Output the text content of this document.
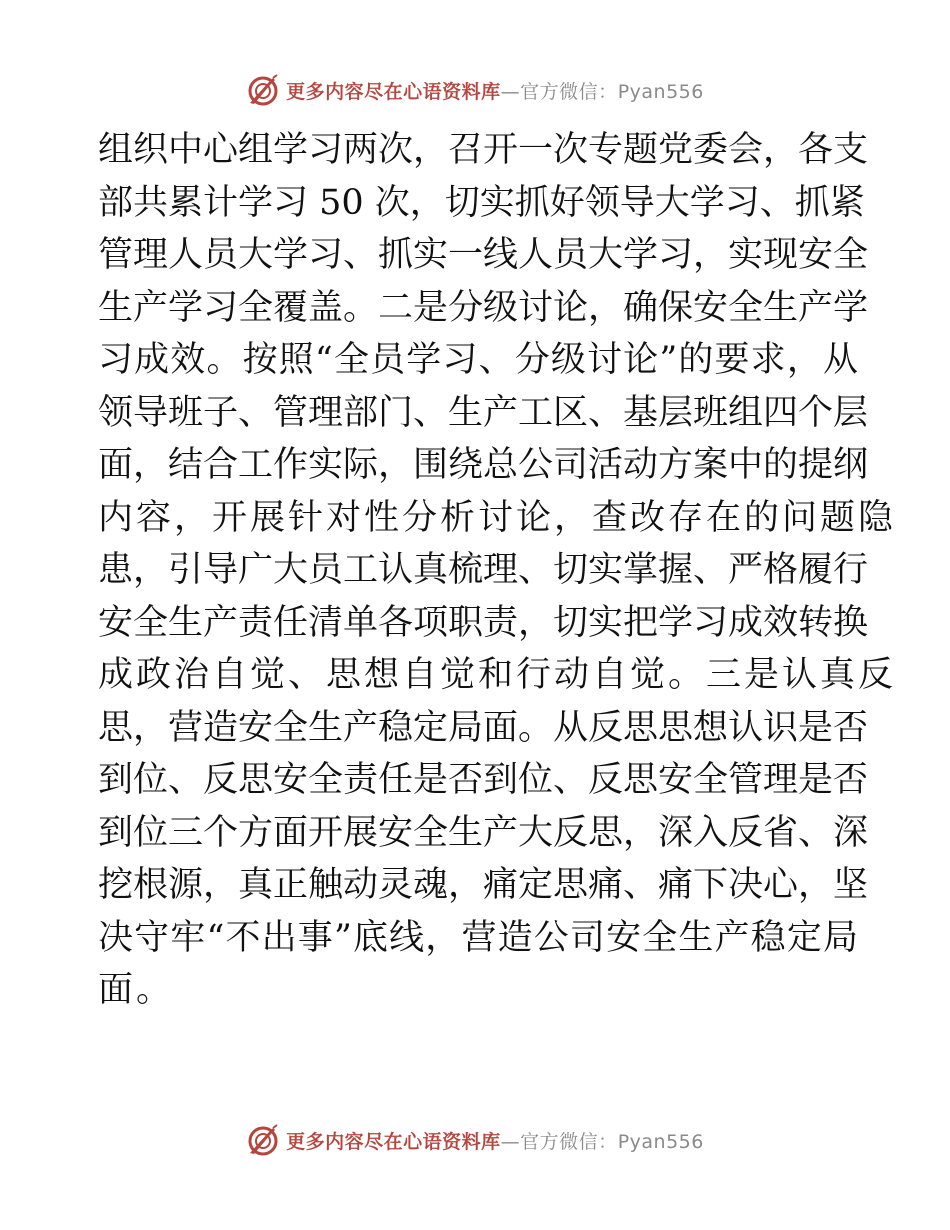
更多内容尽在心语资料库 — 官方微信： Pyan556
组织中心组学习两次，召开一次专题党委会，各支
部共累计学习 50 次，切实抓好领导大学习、抓紧
管理人员大学习、抓实一线人员大学习，实现安全
生产学习全覆盖。二是分级讨论，确保安全生产学
习成效。按照“全员学习、分级讨论”的要求，从
领导班子、管理部门、生产工区、基层班组四个层
面，结合工作实际，围绕总公司活动方案中的提纲
内容，开展针对性分析讨论，查改存在的问题隐
患，引导广大员工认真梳理、切实掌握、严格履行
安全生产责任清单各项职责，切实把学习成效转换
成政治自觉、思想自觉和行动自觉。三是认真反
思，营造安全生产稳定局面。从反思思想认识是否
到位、反思安全责任是否到位、反思安全管理是否
到位三个方面开展安全生产大反思，深入反省、深
挖根源，真正触动灵魂，痛定思痛、痛下决心，坚
决守牢“不出事”底线，营造公司安全生产稳定局
面。
更多内容尽在心语资料库 — 官方微信： Pyan556
